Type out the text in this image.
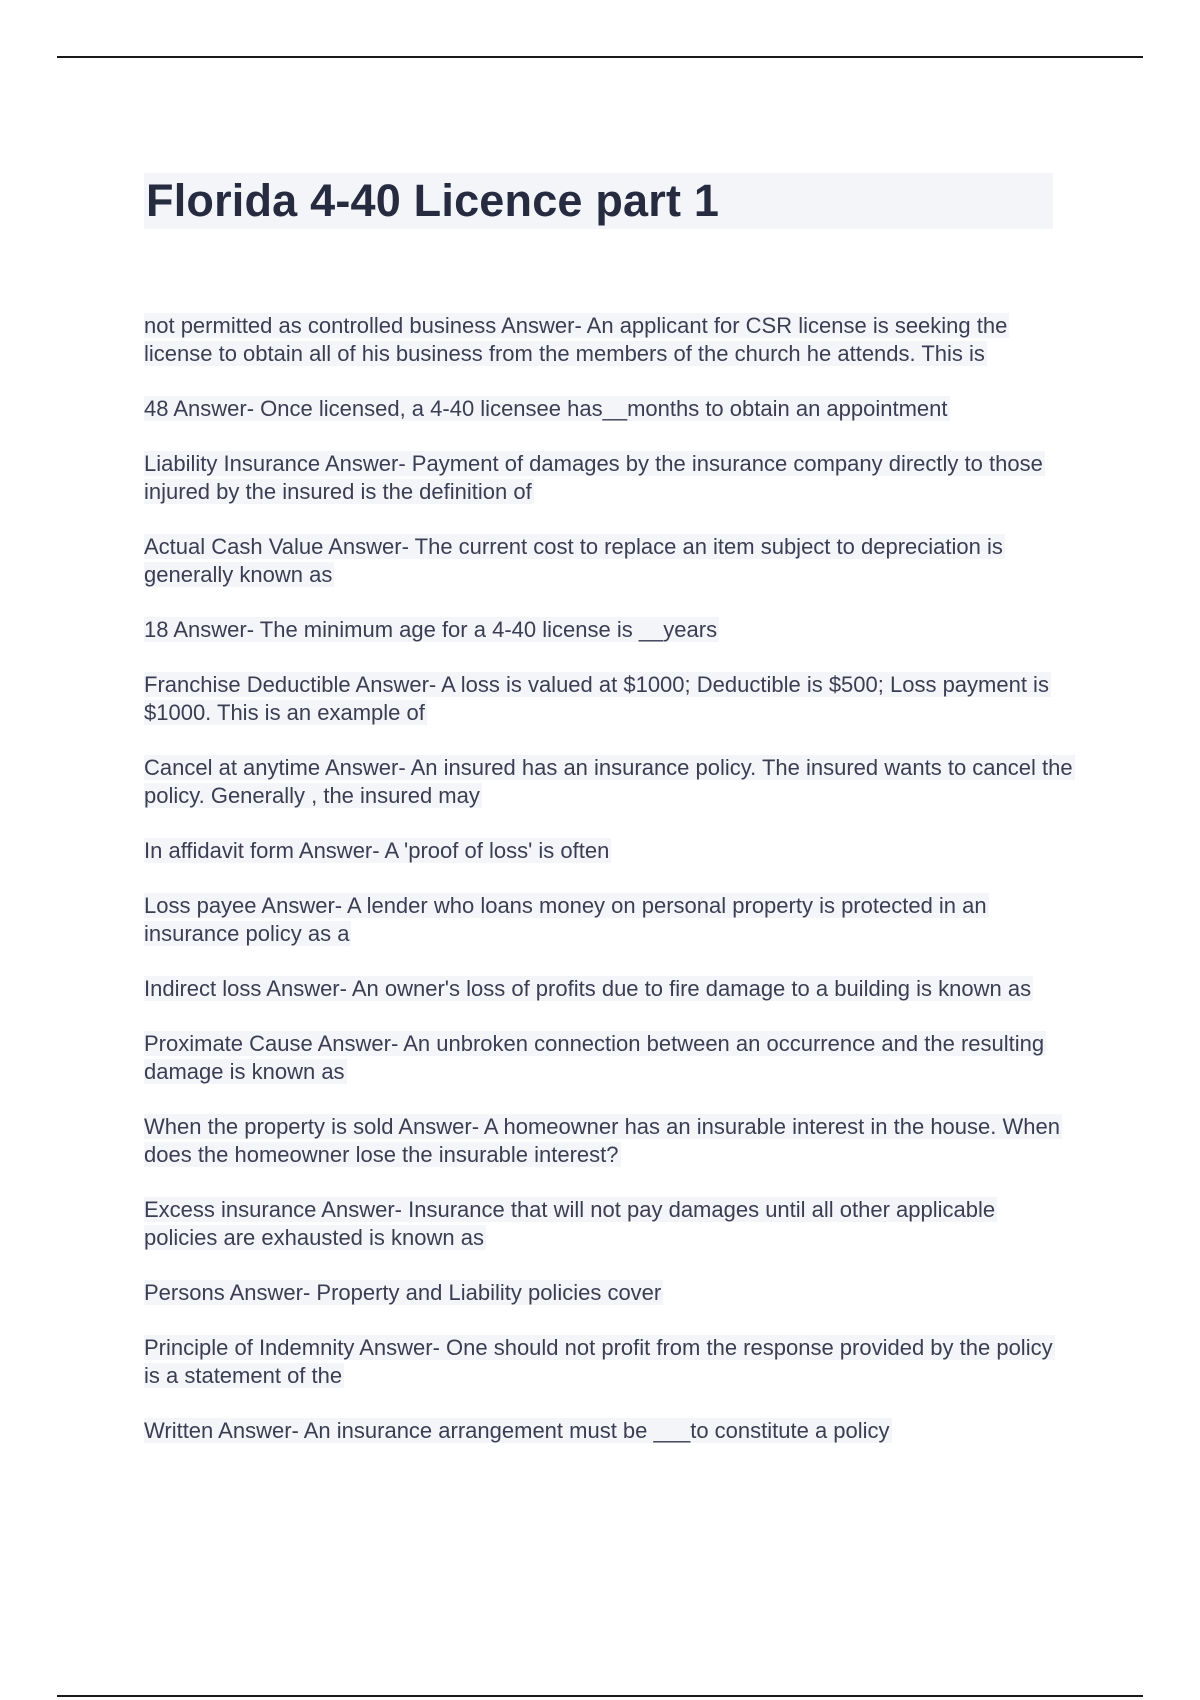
Florida 4-40 Licence part 1

not permitted as controlled business Answer- An applicant for CSR license is seeking the license to obtain all of his business from the members of the church he attends. This is

48 Answer- Once licensed, a 4-40 licensee has__months to obtain an appointment

Liability Insurance Answer- Payment of damages by the insurance company directly to those injured by the insured is the definition of

Actual Cash Value Answer- The current cost to replace an item subject to depreciation is generally known as

18 Answer- The minimum age for a 4-40 license is __years

Franchise Deductible Answer- A loss is valued at $1000; Deductible is $500; Loss payment is $1000. This is an example of

Cancel at anytime Answer- An insured has an insurance policy. The insured wants to cancel the policy. Generally , the insured may

In affidavit form Answer- A 'proof of loss' is often

Loss payee Answer- A lender who loans money on personal property is protected in an insurance policy as a

Indirect loss Answer- An owner's loss of profits due to fire damage to a building is known as

Proximate Cause Answer- An unbroken connection between an occurrence and the resulting damage is known as

When the property is sold Answer- A homeowner has an insurable interest in the house. When does the homeowner lose the insurable interest?

Excess insurance Answer- Insurance that will not pay damages until all other applicable policies are exhausted is known as

Persons Answer- Property and Liability policies cover

Principle of Indemnity Answer- One should not profit from the response provided by the policy is a statement of the

Written Answer- An insurance arrangement must be ___to constitute a policy
